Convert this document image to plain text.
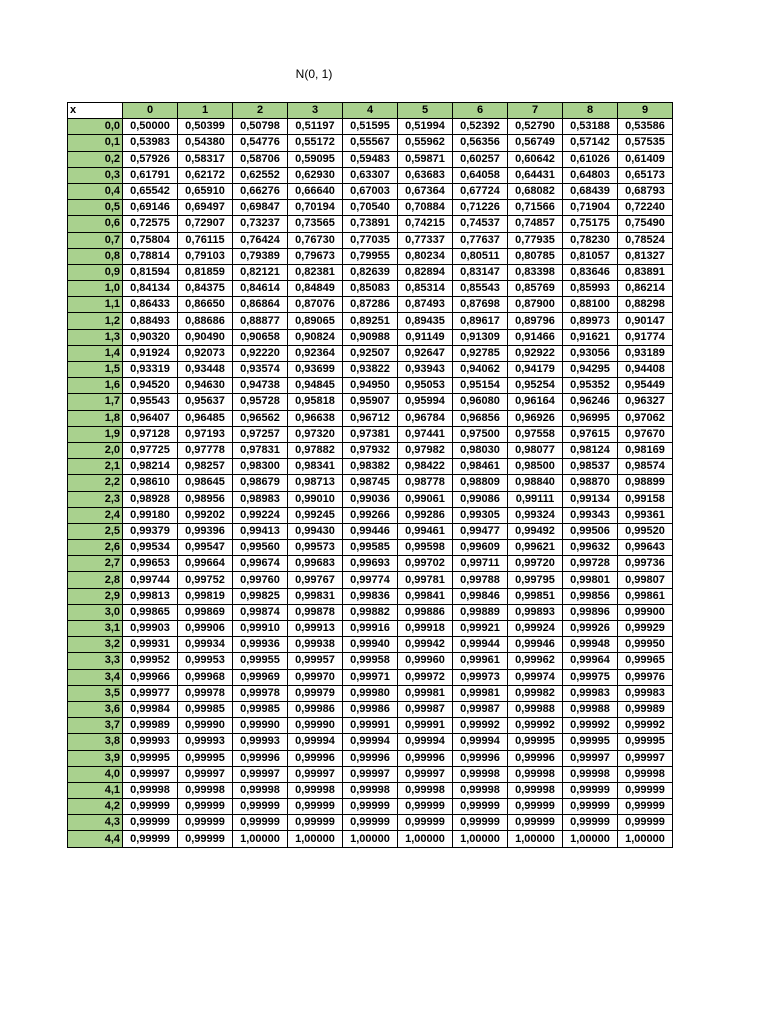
N(0, 1)
x	0	1	2	3	4	5	6	7	8	9
0,0	0,50000	0,50399	0,50798	0,51197	0,51595	0,51994	0,52392	0,52790	0,53188	0,53586
0,1	0,53983	0,54380	0,54776	0,55172	0,55567	0,55962	0,56356	0,56749	0,57142	0,57535
0,2	0,57926	0,58317	0,58706	0,59095	0,59483	0,59871	0,60257	0,60642	0,61026	0,61409
0,3	0,61791	0,62172	0,62552	0,62930	0,63307	0,63683	0,64058	0,64431	0,64803	0,65173
0,4	0,65542	0,65910	0,66276	0,66640	0,67003	0,67364	0,67724	0,68082	0,68439	0,68793
0,5	0,69146	0,69497	0,69847	0,70194	0,70540	0,70884	0,71226	0,71566	0,71904	0,72240
0,6	0,72575	0,72907	0,73237	0,73565	0,73891	0,74215	0,74537	0,74857	0,75175	0,75490
0,7	0,75804	0,76115	0,76424	0,76730	0,77035	0,77337	0,77637	0,77935	0,78230	0,78524
0,8	0,78814	0,79103	0,79389	0,79673	0,79955	0,80234	0,80511	0,80785	0,81057	0,81327
0,9	0,81594	0,81859	0,82121	0,82381	0,82639	0,82894	0,83147	0,83398	0,83646	0,83891
1,0	0,84134	0,84375	0,84614	0,84849	0,85083	0,85314	0,85543	0,85769	0,85993	0,86214
1,1	0,86433	0,86650	0,86864	0,87076	0,87286	0,87493	0,87698	0,87900	0,88100	0,88298
1,2	0,88493	0,88686	0,88877	0,89065	0,89251	0,89435	0,89617	0,89796	0,89973	0,90147
1,3	0,90320	0,90490	0,90658	0,90824	0,90988	0,91149	0,91309	0,91466	0,91621	0,91774
1,4	0,91924	0,92073	0,92220	0,92364	0,92507	0,92647	0,92785	0,92922	0,93056	0,93189
1,5	0,93319	0,93448	0,93574	0,93699	0,93822	0,93943	0,94062	0,94179	0,94295	0,94408
1,6	0,94520	0,94630	0,94738	0,94845	0,94950	0,95053	0,95154	0,95254	0,95352	0,95449
1,7	0,95543	0,95637	0,95728	0,95818	0,95907	0,95994	0,96080	0,96164	0,96246	0,96327
1,8	0,96407	0,96485	0,96562	0,96638	0,96712	0,96784	0,96856	0,96926	0,96995	0,97062
1,9	0,97128	0,97193	0,97257	0,97320	0,97381	0,97441	0,97500	0,97558	0,97615	0,97670
2,0	0,97725	0,97778	0,97831	0,97882	0,97932	0,97982	0,98030	0,98077	0,98124	0,98169
2,1	0,98214	0,98257	0,98300	0,98341	0,98382	0,98422	0,98461	0,98500	0,98537	0,98574
2,2	0,98610	0,98645	0,98679	0,98713	0,98745	0,98778	0,98809	0,98840	0,98870	0,98899
2,3	0,98928	0,98956	0,98983	0,99010	0,99036	0,99061	0,99086	0,99111	0,99134	0,99158
2,4	0,99180	0,99202	0,99224	0,99245	0,99266	0,99286	0,99305	0,99324	0,99343	0,99361
2,5	0,99379	0,99396	0,99413	0,99430	0,99446	0,99461	0,99477	0,99492	0,99506	0,99520
2,6	0,99534	0,99547	0,99560	0,99573	0,99585	0,99598	0,99609	0,99621	0,99632	0,99643
2,7	0,99653	0,99664	0,99674	0,99683	0,99693	0,99702	0,99711	0,99720	0,99728	0,99736
2,8	0,99744	0,99752	0,99760	0,99767	0,99774	0,99781	0,99788	0,99795	0,99801	0,99807
2,9	0,99813	0,99819	0,99825	0,99831	0,99836	0,99841	0,99846	0,99851	0,99856	0,99861
3,0	0,99865	0,99869	0,99874	0,99878	0,99882	0,99886	0,99889	0,99893	0,99896	0,99900
3,1	0,99903	0,99906	0,99910	0,99913	0,99916	0,99918	0,99921	0,99924	0,99926	0,99929
3,2	0,99931	0,99934	0,99936	0,99938	0,99940	0,99942	0,99944	0,99946	0,99948	0,99950
3,3	0,99952	0,99953	0,99955	0,99957	0,99958	0,99960	0,99961	0,99962	0,99964	0,99965
3,4	0,99966	0,99968	0,99969	0,99970	0,99971	0,99972	0,99973	0,99974	0,99975	0,99976
3,5	0,99977	0,99978	0,99978	0,99979	0,99980	0,99981	0,99981	0,99982	0,99983	0,99983
3,6	0,99984	0,99985	0,99985	0,99986	0,99986	0,99987	0,99987	0,99988	0,99988	0,99989
3,7	0,99989	0,99990	0,99990	0,99990	0,99991	0,99991	0,99992	0,99992	0,99992	0,99992
3,8	0,99993	0,99993	0,99993	0,99994	0,99994	0,99994	0,99994	0,99995	0,99995	0,99995
3,9	0,99995	0,99995	0,99996	0,99996	0,99996	0,99996	0,99996	0,99996	0,99997	0,99997
4,0	0,99997	0,99997	0,99997	0,99997	0,99997	0,99997	0,99998	0,99998	0,99998	0,99998
4,1	0,99998	0,99998	0,99998	0,99998	0,99998	0,99998	0,99998	0,99998	0,99999	0,99999
4,2	0,99999	0,99999	0,99999	0,99999	0,99999	0,99999	0,99999	0,99999	0,99999	0,99999
4,3	0,99999	0,99999	0,99999	0,99999	0,99999	0,99999	0,99999	0,99999	0,99999	0,99999
4,4	0,99999	0,99999	1,00000	1,00000	1,00000	1,00000	1,00000	1,00000	1,00000	1,00000
